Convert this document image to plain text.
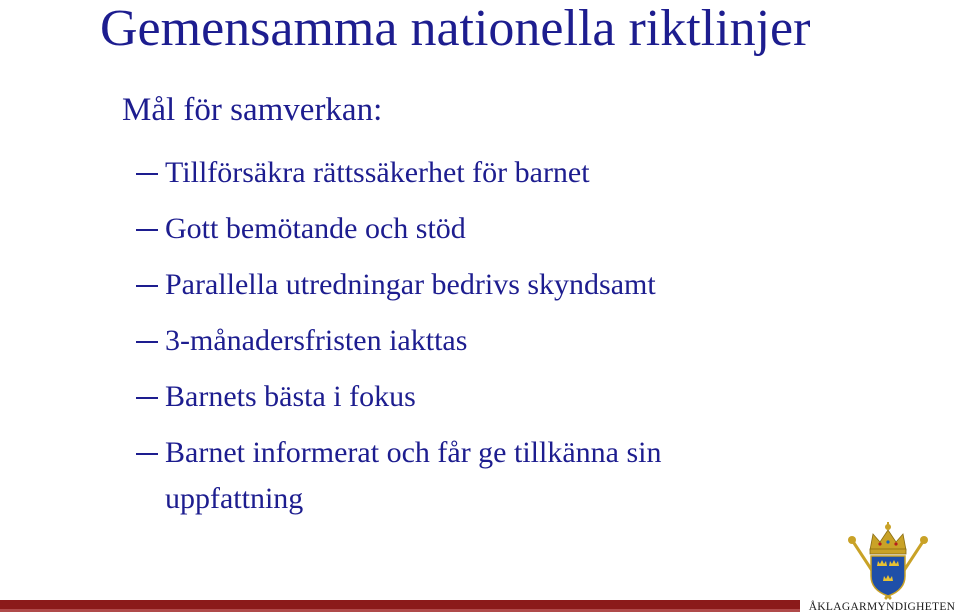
Gemensamma nationella riktlinjer
Mål för samverkan:
Tillförsäkra rättssäkerhet för barnet
Gott bemötande och stöd
Parallella utredningar bedrivs skyndsamt
3-månadersfristen iakttas
Barnets bästa i fokus
Barnet informerat och får ge tillkänna sin uppfattning
ÅKLAGARMYNDIGHETEN
